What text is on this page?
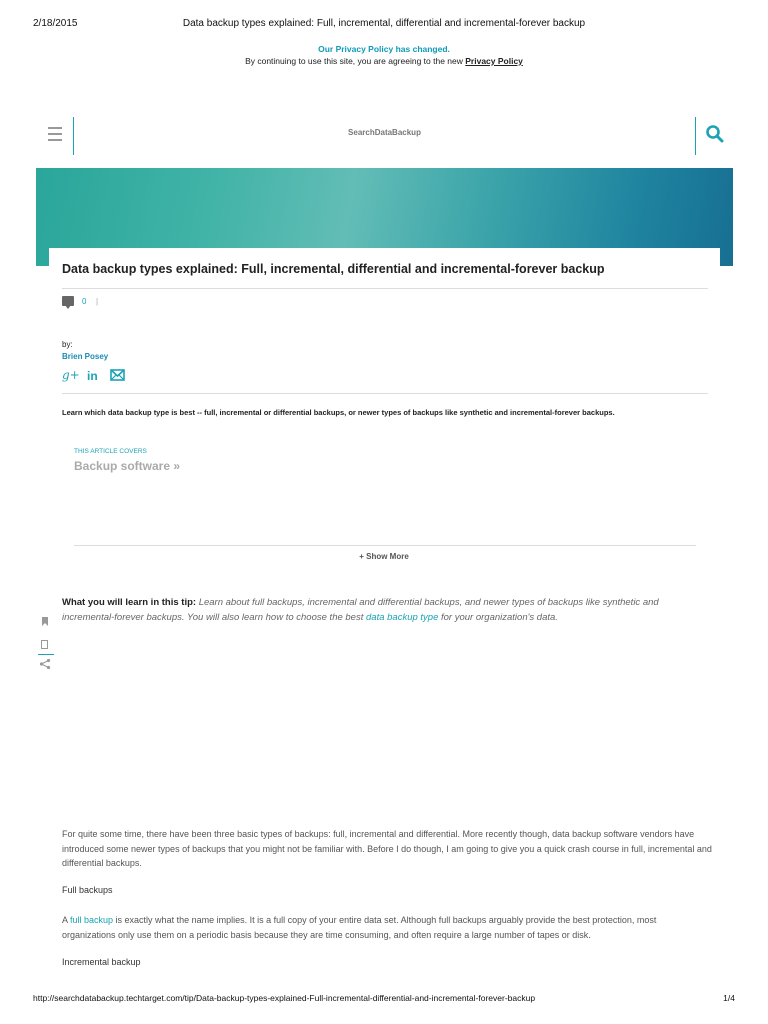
2/18/2015	Data backup types explained: Full, incremental, differential and incremental-forever backup
Our Privacy Policy has changed.
By continuing to use this site, you are agreeing to the new Privacy Policy
SearchDataBackup
Data backup types explained: Full, incremental, differential and incremental-forever backup
0 |
by:
Brien Posey
g+ in
Learn which data backup type is best -- full, incremental or differential backups, or newer types of backups like synthetic and incremental-forever backups.
THIS ARTICLE COVERS
Backup software »
+ Show More
What you will learn in this tip: Learn about full backups, incremental and differential backups, and newer types of backups like synthetic and incremental-forever backups. You will also learn how to choose the best data backup type for your organization's data.

For quite some time, there have been three basic types of backups: full, incremental and differential. More recently though, data backup software vendors have introduced some newer types of backups that you might not be familiar with. Before I do though, I am going to give you a quick crash course in full, incremental and differential backups.

Full backups

A full backup is exactly what the name implies. It is a full copy of your entire data set. Although full backups arguably provide the best protection, most organizations only use them on a periodic basis because they are time consuming, and often require a large number of tapes or disk.

Incremental backup
http://searchdatabackup.techtarget.com/tip/Data-backup-types-explained-Full-incremental-differential-and-incremental-forever-backup	1/4
